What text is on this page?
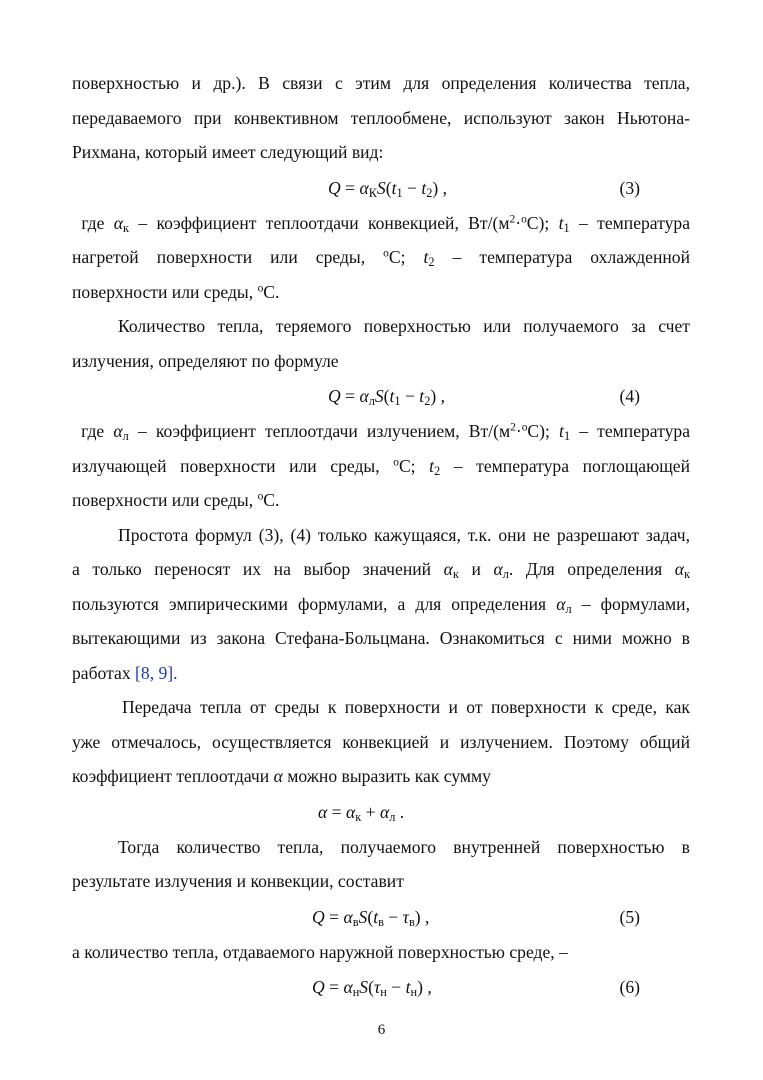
поверхностью и др.). В связи с этим для определения количества тепла,
передаваемого при конвективном теплообмене, используют закон Ньютона-
Рихмана, который имеет следующий вид:
$Q = \alpha_КS(t_1 - t_2)$ ,	(3)
где $\alpha_к$ – коэффициент теплоотдачи конвекцией, $Вт/(м^2\cdot^oС)$; $t_1$ – температура
нагретой поверхности или среды, $^o$С; $t_2$ – температура охлажденной
поверхности или среды, $^o$С.
Количество тепла, теряемого поверхностью или получаемого за счет
излучения, определяют по формуле
$Q = \alpha_лS(t_1 - t_2)$ ,	(4)
где $\alpha_л$ – коэффициент теплоотдачи излучением, $Вт/(м^2\cdot^oС)$; $t_1$ – температура
излучающей поверхности или среды, $^o$С; $t_2$ – температура поглощающей
поверхности или среды, $^o$С.
Простота формул (3), (4) только кажущаяся, т.к. они не разрешают задач,
а только переносят их на выбор значений $\alpha_к$ и $\alpha_л$. Для определения $\alpha_к$
пользуются эмпирическими формулами, а для определения $\alpha_л$ – формулами,
вытекающими из закона Стефана-Больцмана. Ознакомиться с ними можно в
работах [8, 9].
Передача тепла от среды к поверхности и от поверхности к среде, как
уже отмечалось, осуществляется конвекцией и излучением. Поэтому общий
коэффициент теплоотдачи α можно выразить как сумму
$\alpha = \alpha_к + \alpha_л$ .
Тогда количество тепла, получаемого внутренней поверхностью в
результате излучения и конвекции, составит
$Q = \alpha_вS(t_в - \tau_в)$ ,	(5)
а количество тепла, отдаваемого наружной поверхностью среде, –
$Q = \alpha_нS(\tau_н - t_н)$ ,	(6)
6
